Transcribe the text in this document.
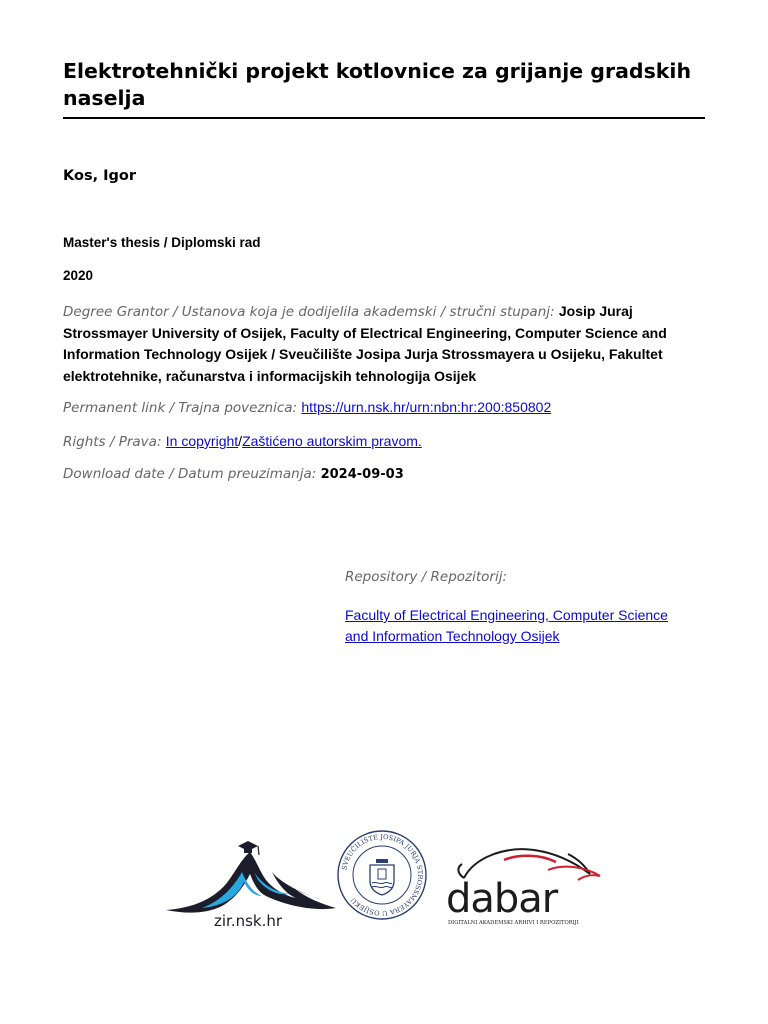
Elektrotehnički projekt kotlovnice za grijanje gradskih naselja
Kos, Igor
Master's thesis / Diplomski rad
2020
Degree Grantor / Ustanova koja je dodijelila akademski / stručni stupanj: Josip Juraj Strossmayer University of Osijek, Faculty of Electrical Engineering, Computer Science and Information Technology Osijek / Sveučilište Josipa Jurja Strossmayera u Osijeku, Fakultet elektrotehnike, računarstva i informacijskih tehnologija Osijek
Permanent link / Trajna poveznica: https://urn.nsk.hr/urn:nbn:hr:200:850802
Rights / Prava: In copyright/Zaštićeno autorskim pravom.
Download date / Datum preuzimanja: 2024-09-03
Repository / Repozitorij:
Faculty of Electrical Engineering, Computer Science and Information Technology Osijek
zir.nsk.hr
SVEUČILIŠTE JOSIPA JURJA STROSSMAYERA U OSIJEKU	dabar
DIGITALNI AKADEMSKI ARHIVI I REPOZITORIJI
